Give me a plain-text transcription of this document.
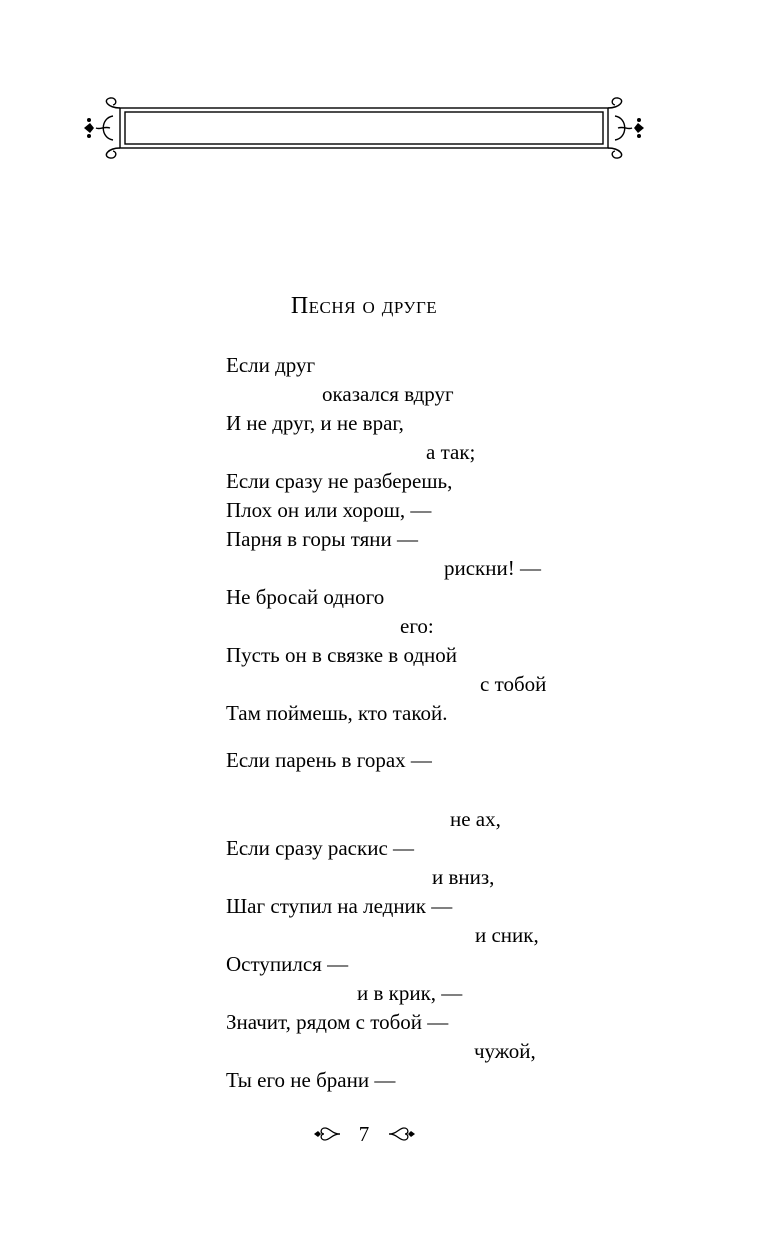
Песня о друге
Если друг
оказался вдруг
И не друг, и не враг,
а так;
Если сразу не разберешь,
Плох он или хорош, —
Парня в горы тяни —
рискни! —
Не бросай одного
его:
Пусть он в связке в одной
с тобой
Там поймешь, кто такой.
Если парень в горах —
не ах,
Если сразу раскис —
и вниз,
Шаг ступил на ледник —
и сник,
Оступился —
и в крик, —
Значит, рядом с тобой —
чужой,
Ты его не брани —
7
